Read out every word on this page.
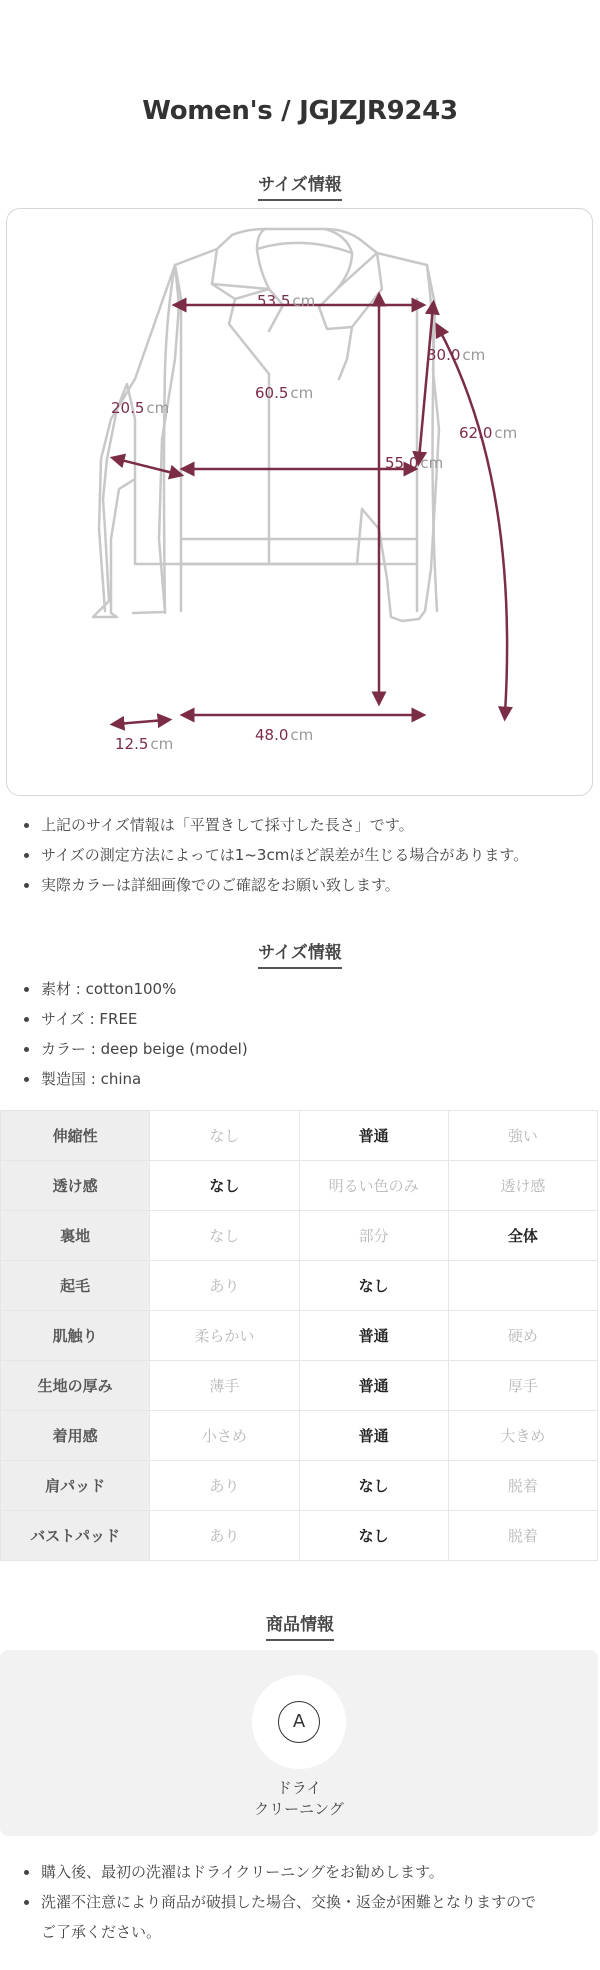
Women's / JGJZJR9243
サイズ情報
53.5 cm
30.0 cm
60.5 cm
20.5 cm
62.0 cm
55.0 cm
12.5 cm	48.0 cm
上記のサイズ情報は「平置きして採寸した長さ」です。
サイズの測定方法によっては1~3cmほど誤差が生じる場合があります。
実際カラーは詳細画像でのご確認をお願い致します。
サイズ情報
素材 : cotton100%
サイズ : FREE
カラー : deep beige (model)
製造国 : china
伸縮性	なし	普通	強い
透け感	なし	明るい色のみ	透け感
裏地	なし	部分	全体
起毛	あり	なし	
肌触り	柔らかい	普通	硬め
生地の厚み	薄手	普通	厚手
着用感	小さめ	普通	大きめ
肩パッド	あり	なし	脱着
バストパッド	あり	なし	脱着
商品情報
A
ドライ
クリーニング
購入後、最初の洗濯はドライクリーニングをお勧めします。
洗濯不注意により商品が破損した場合、交換・返金が困難となりますので
ご了承ください。
